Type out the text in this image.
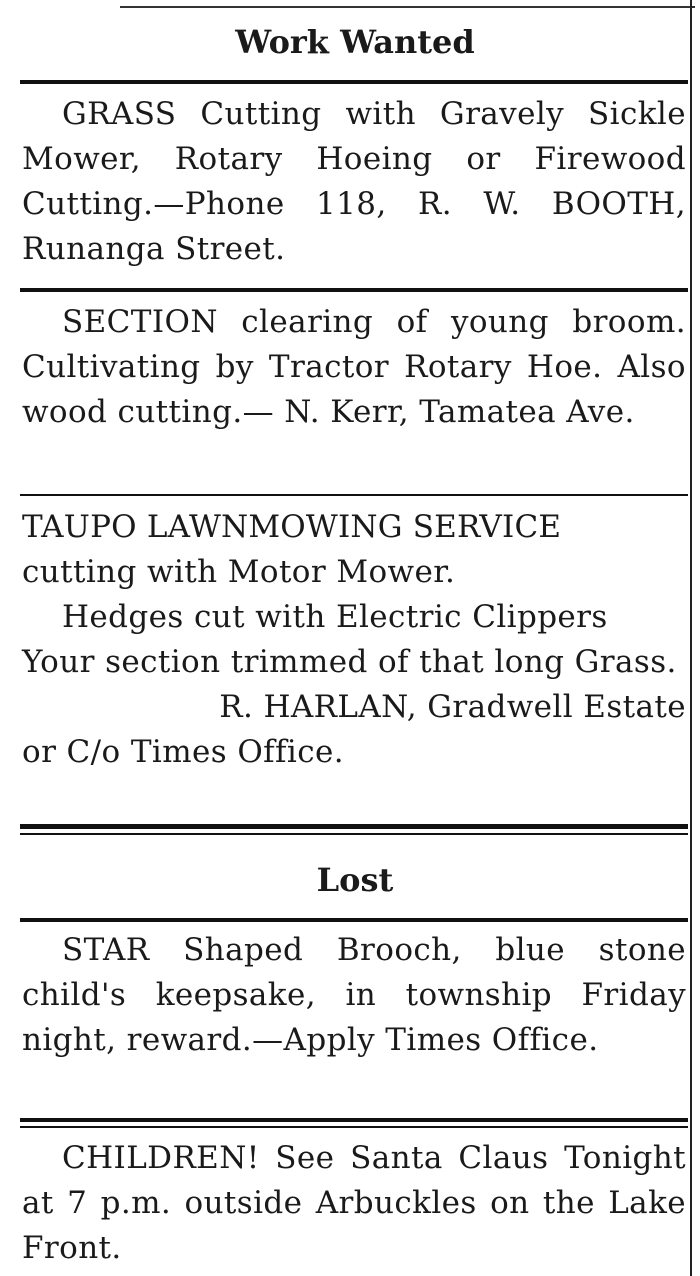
Work Wanted

GRASS Cutting with Gravely Sickle Mower, Rotary Hoeing or Firewood Cutting.—Phone 118, R. W. BOOTH, Runanga Street.

SECTION clearing of young broom. Cultivating by Tractor Rotary Hoe. Also wood cutting.— N. Kerr, Tamatea Ave.

TAUPO LAWNMOWING SERVICE

cutting with Motor Mower.

Hedges cut with Electric Clippers

Your section trimmed of that long Grass.

R. HARLAN, Gradwell Estate

or C/o Times Office.

Lost

STAR Shaped Brooch, blue stone child's keepsake, in township Friday night, reward.—Apply Times Office.

CHILDREN! See Santa Claus Tonight at 7 p.m. outside Arbuckles on the Lake Front.
